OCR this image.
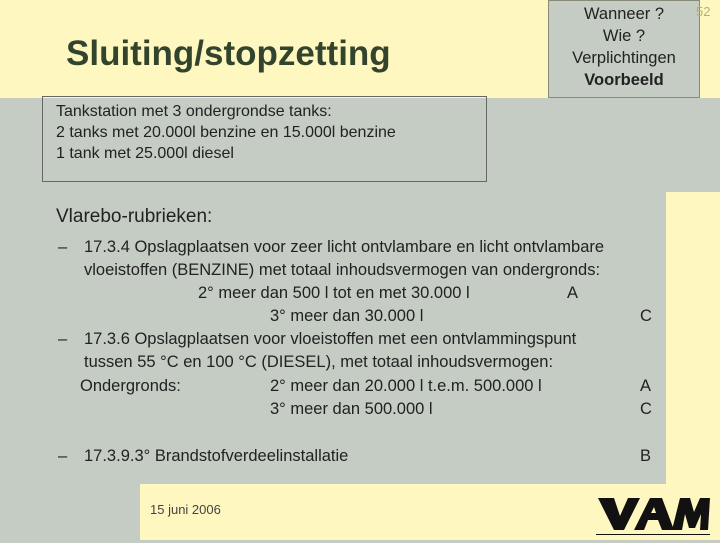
Sluiting/stopzetting
Wanneer ?
Wie ?
Verplichtingen
Voorbeeld
52
Tankstation met 3 ondergrondse tanks:
2 tanks met 20.000l benzine en 15.000l benzine
1 tank met 25.000l diesel
Vlarebo-rubrieken:
– 17.3.4 Opslagplaatsen voor zeer licht ontvlambare en licht ontvlambare
vloeistoffen (BENZINE) met totaal inhoudsvermogen van ondergronds:
2° meer dan 500 l tot en met 30.000 l	A
3° meer dan 30.000 l	C
– 17.3.6 Opslagplaatsen voor vloeistoffen met een ontvlammingspunt
tussen 55 °C en 100 °C (DIESEL), met totaal inhoudsvermogen:
Ondergronds:	2° meer dan 20.000 l t.e.m. 500.000 l	A
3° meer dan 500.000 l	C
– 17.3.9.3° Brandstofverdeelinstallatie	B
15 juni 2006
